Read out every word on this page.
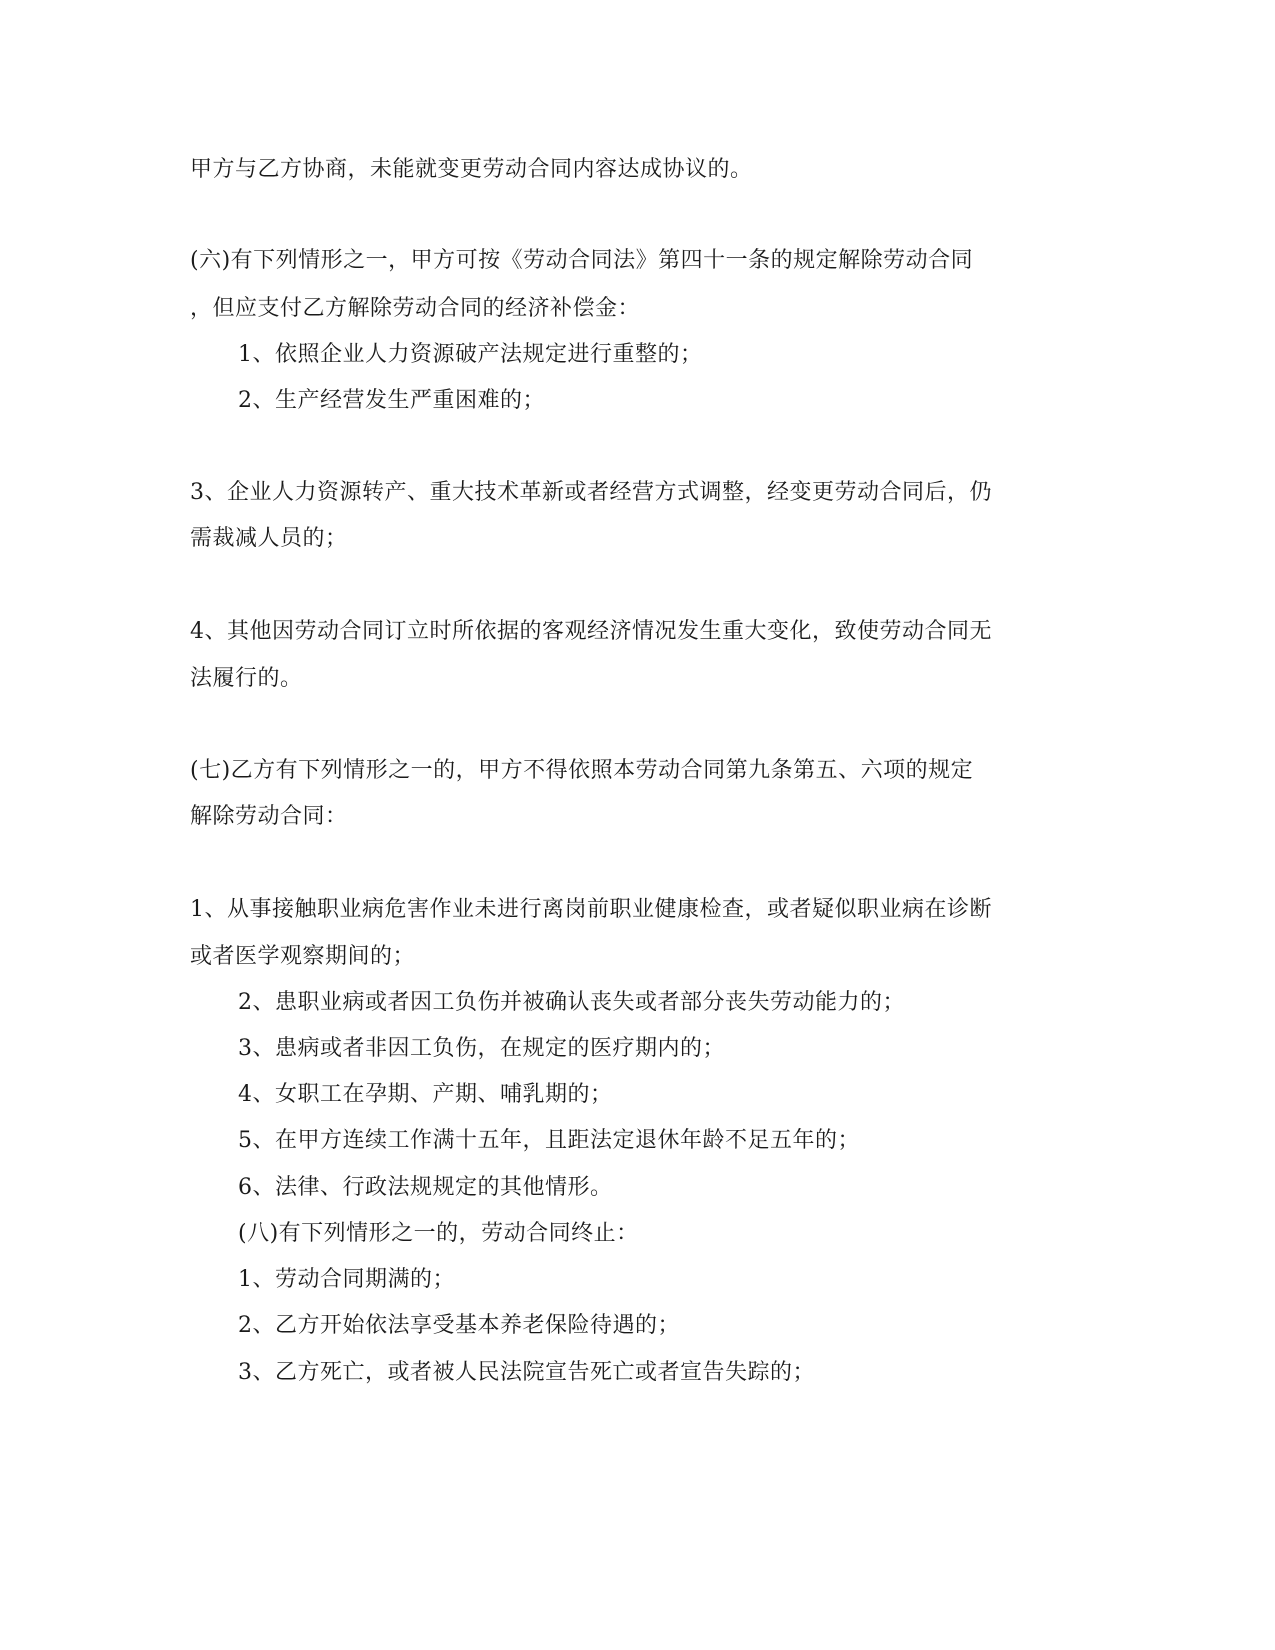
甲方与乙方协商，未能就变更劳动合同内容达成协议的。
(六)有下列情形之一，甲方可按《劳动合同法》第四十一条的规定解除劳动合同
，但应支付乙方解除劳动合同的经济补偿金：
1、依照企业人力资源破产法规定进行重整的；
2、生产经营发生严重困难的；
3、企业人力资源转产、重大技术革新或者经营方式调整，经变更劳动合同后，仍
需裁减人员的；
4、其他因劳动合同订立时所依据的客观经济情况发生重大变化，致使劳动合同无
法履行的。
(七)乙方有下列情形之一的，甲方不得依照本劳动合同第九条第五、六项的规定
解除劳动合同：
1、从事接触职业病危害作业未进行离岗前职业健康检查，或者疑似职业病在诊断
或者医学观察期间的；
2、患职业病或者因工负伤并被确认丧失或者部分丧失劳动能力的；
3、患病或者非因工负伤，在规定的医疗期内的；
4、女职工在孕期、产期、哺乳期的；
5、在甲方连续工作满十五年，且距法定退休年龄不足五年的；
6、法律、行政法规规定的其他情形。
(八)有下列情形之一的，劳动合同终止：
1、劳动合同期满的；
2、乙方开始依法享受基本养老保险待遇的；
3、乙方死亡，或者被人民法院宣告死亡或者宣告失踪的；
